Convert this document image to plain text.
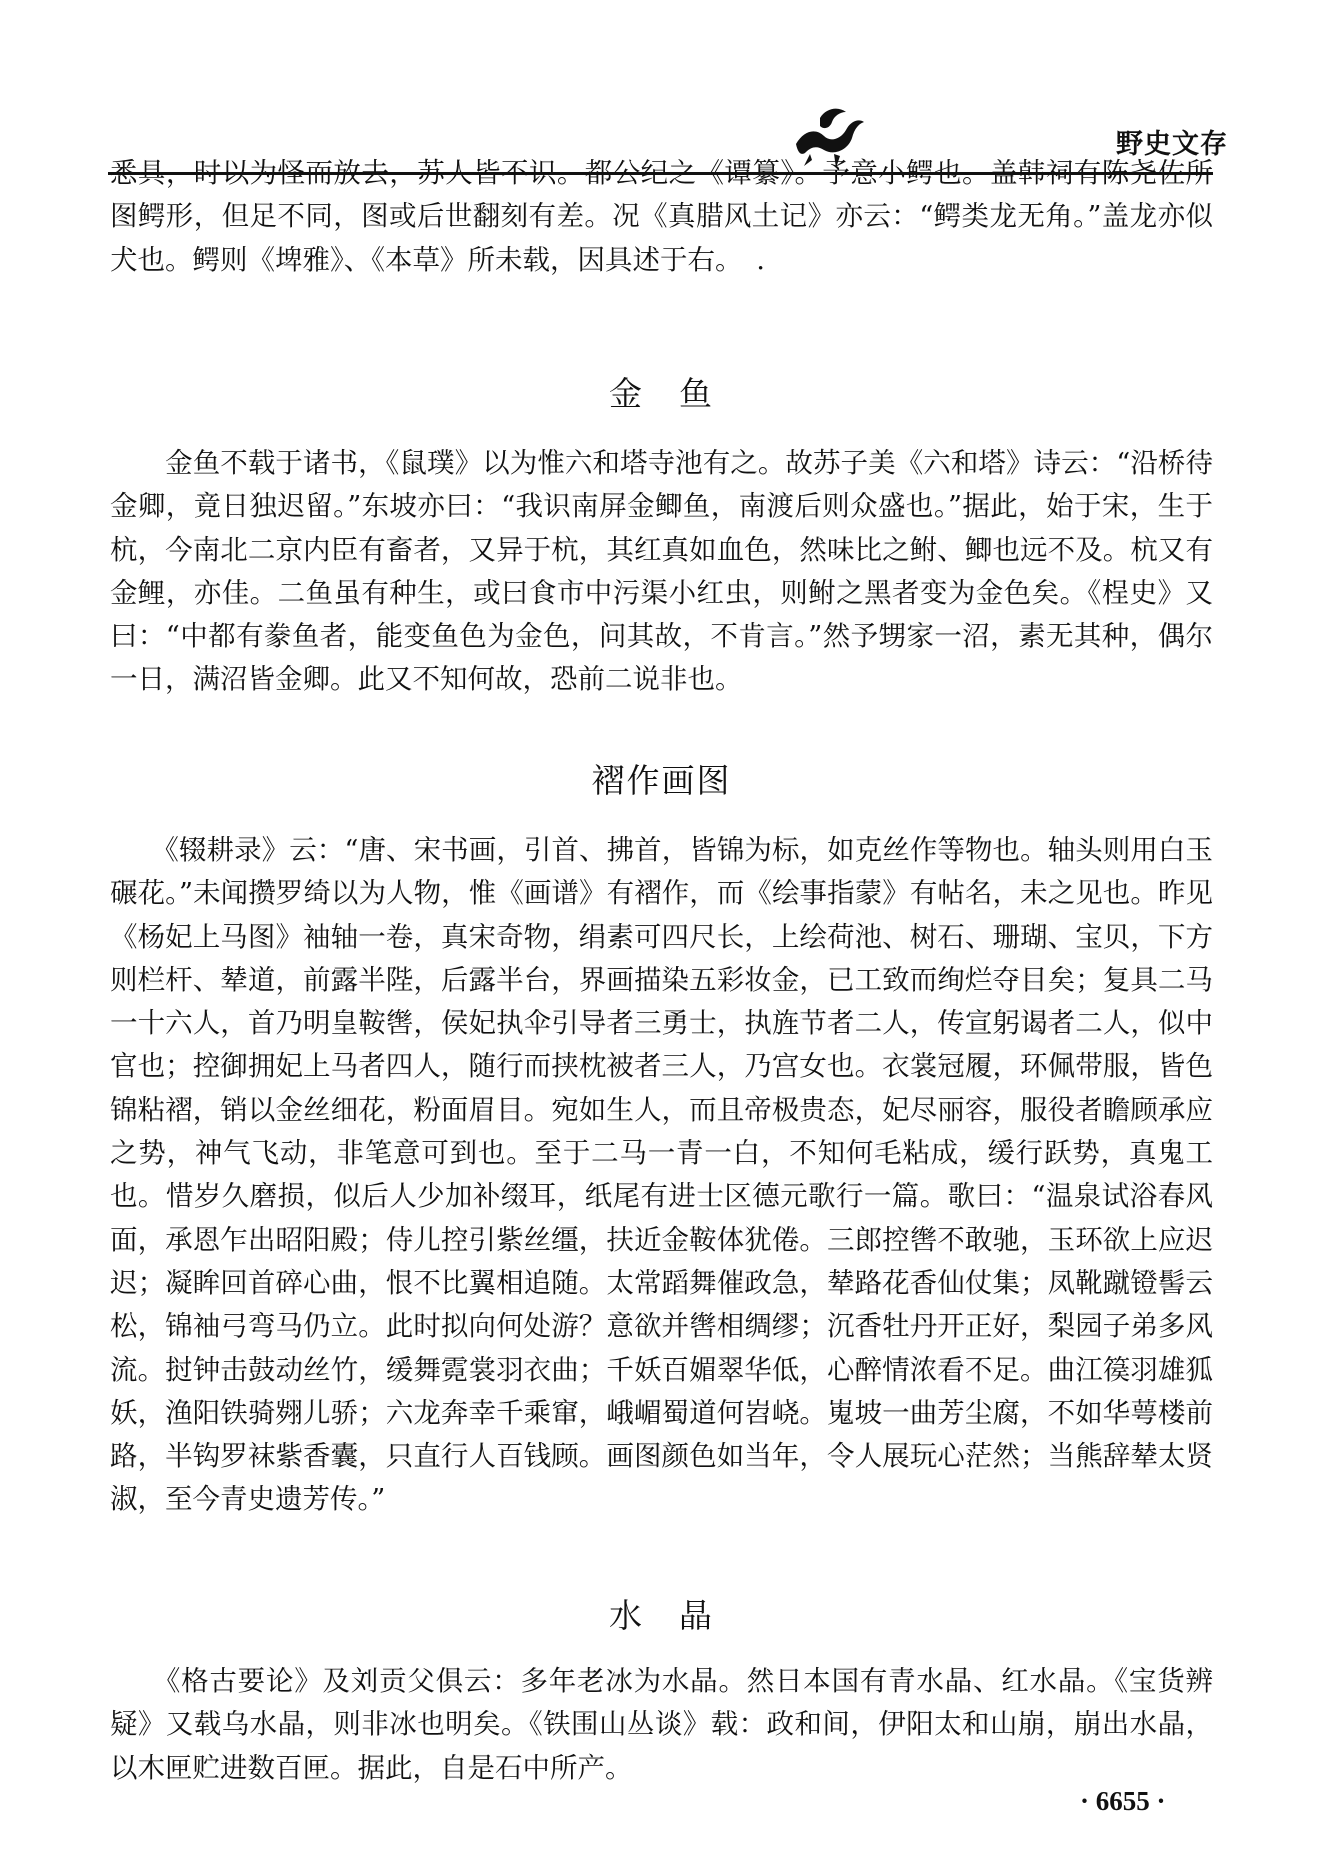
野史文存

悉具，时以为怪而放去，苏人皆不识。都公纪之《谭纂》。予意小鳄也。盖韩祠有陈尧佐所图鳄形，但足不同，图或后世翻刻有差。况《真腊风土记》亦云：“鳄类龙无角。”盖龙亦似犬也。鳄则《埤雅》、《本草》所未载，因具述于右。　.

金　鱼

　　金鱼不载于诸书，《鼠璞》以为惟六和塔寺池有之。故苏子美《六和塔》诗云：“沿桥待金卿，竟日独迟留。”东坡亦曰：“我识南屏金鲫鱼，南渡后则众盛也。”据此，始于宋，生于杭，今南北二京内臣有畜者，又异于杭，其红真如血色，然味比之鲋、鲫也远不及。杭又有金鲤，亦佳。二鱼虽有种生，或曰食市中污渠小红虫，则鲋之黑者变为金色矣。《桯史》又曰：“中都有豢鱼者，能变鱼色为金色，问其故，不肯言。”然予甥家一沼，素无其种，偶尔一日，满沼皆金卿。此又不知何故，恐前二说非也。

褶作画图

　　《辍耕录》云：“唐、宋书画，引首、拂首，皆锦为标，如克丝作等物也。轴头则用白玉碾花。”未闻攒罗绮以为人物，惟《画谱》有褶作，而《绘事指蒙》有帖名，未之见也。昨见《杨妃上马图》袖轴一卷，真宋奇物，绢素可四尺长，上绘荷池、树石、珊瑚、宝贝，下方则栏杆、辇道，前露半陛，后露半台，界画描染五彩妆金，已工致而绚烂夺目矣；复具二马一十六人，首乃明皇鞍辔，侯妃执伞引导者三勇士，执旌节者二人，传宣躬谒者二人，似中官也；控御拥妃上马者四人，随行而挟枕被者三人，乃宫女也。衣裳冠履，环佩带服，皆色锦粘褶，销以金丝细花，粉面眉目。宛如生人，而且帝极贵态，妃尽丽容，服役者瞻顾承应之势，神气飞动，非笔意可到也。至于二马一青一白，不知何毛粘成，缓行跃势，真鬼工也。惜岁久磨损，似后人少加补缀耳，纸尾有进士区德元歌行一篇。歌曰：“温泉试浴春风面，承恩乍出昭阳殿；侍儿控引紫丝缰，扶近金鞍体犹倦。三郎控辔不敢驰，玉环欲上应迟迟；凝眸回首碎心曲，恨不比翼相追随。太常蹈舞催政急，辇路花香仙仗集；凤靴蹴镫髻云松，锦袖弓弯马仍立。此时拟向何处游？意欲并辔相绸缪；沉香牡丹开正好，梨园子弟多风流。挝钟击鼓动丝竹，缓舞霓裳羽衣曲；千妖百媚翠华低，心醉情浓看不足。曲江篌羽雄狐妖，渔阳铁骑翙儿骄；六龙奔幸千乘窜，峨嵋蜀道何岧峣。嵬坡一曲芳尘腐，不如华萼楼前路，半钩罗袜紫香囊，只直行人百钱顾。画图颜色如当年，令人展玩心茫然；当熊辞辇太贤淑，至今青史遗芳传。”

水　晶

　　《格古要论》及刘贡父俱云：多年老冰为水晶。然日本国有青水晶、红水晶。《宝货辨疑》又载乌水晶，则非冰也明矣。《铁围山丛谈》载：政和间，伊阳太和山崩，崩出水晶，以木匣贮进数百匣。据此，自是石中所产。

· 6655 ·
